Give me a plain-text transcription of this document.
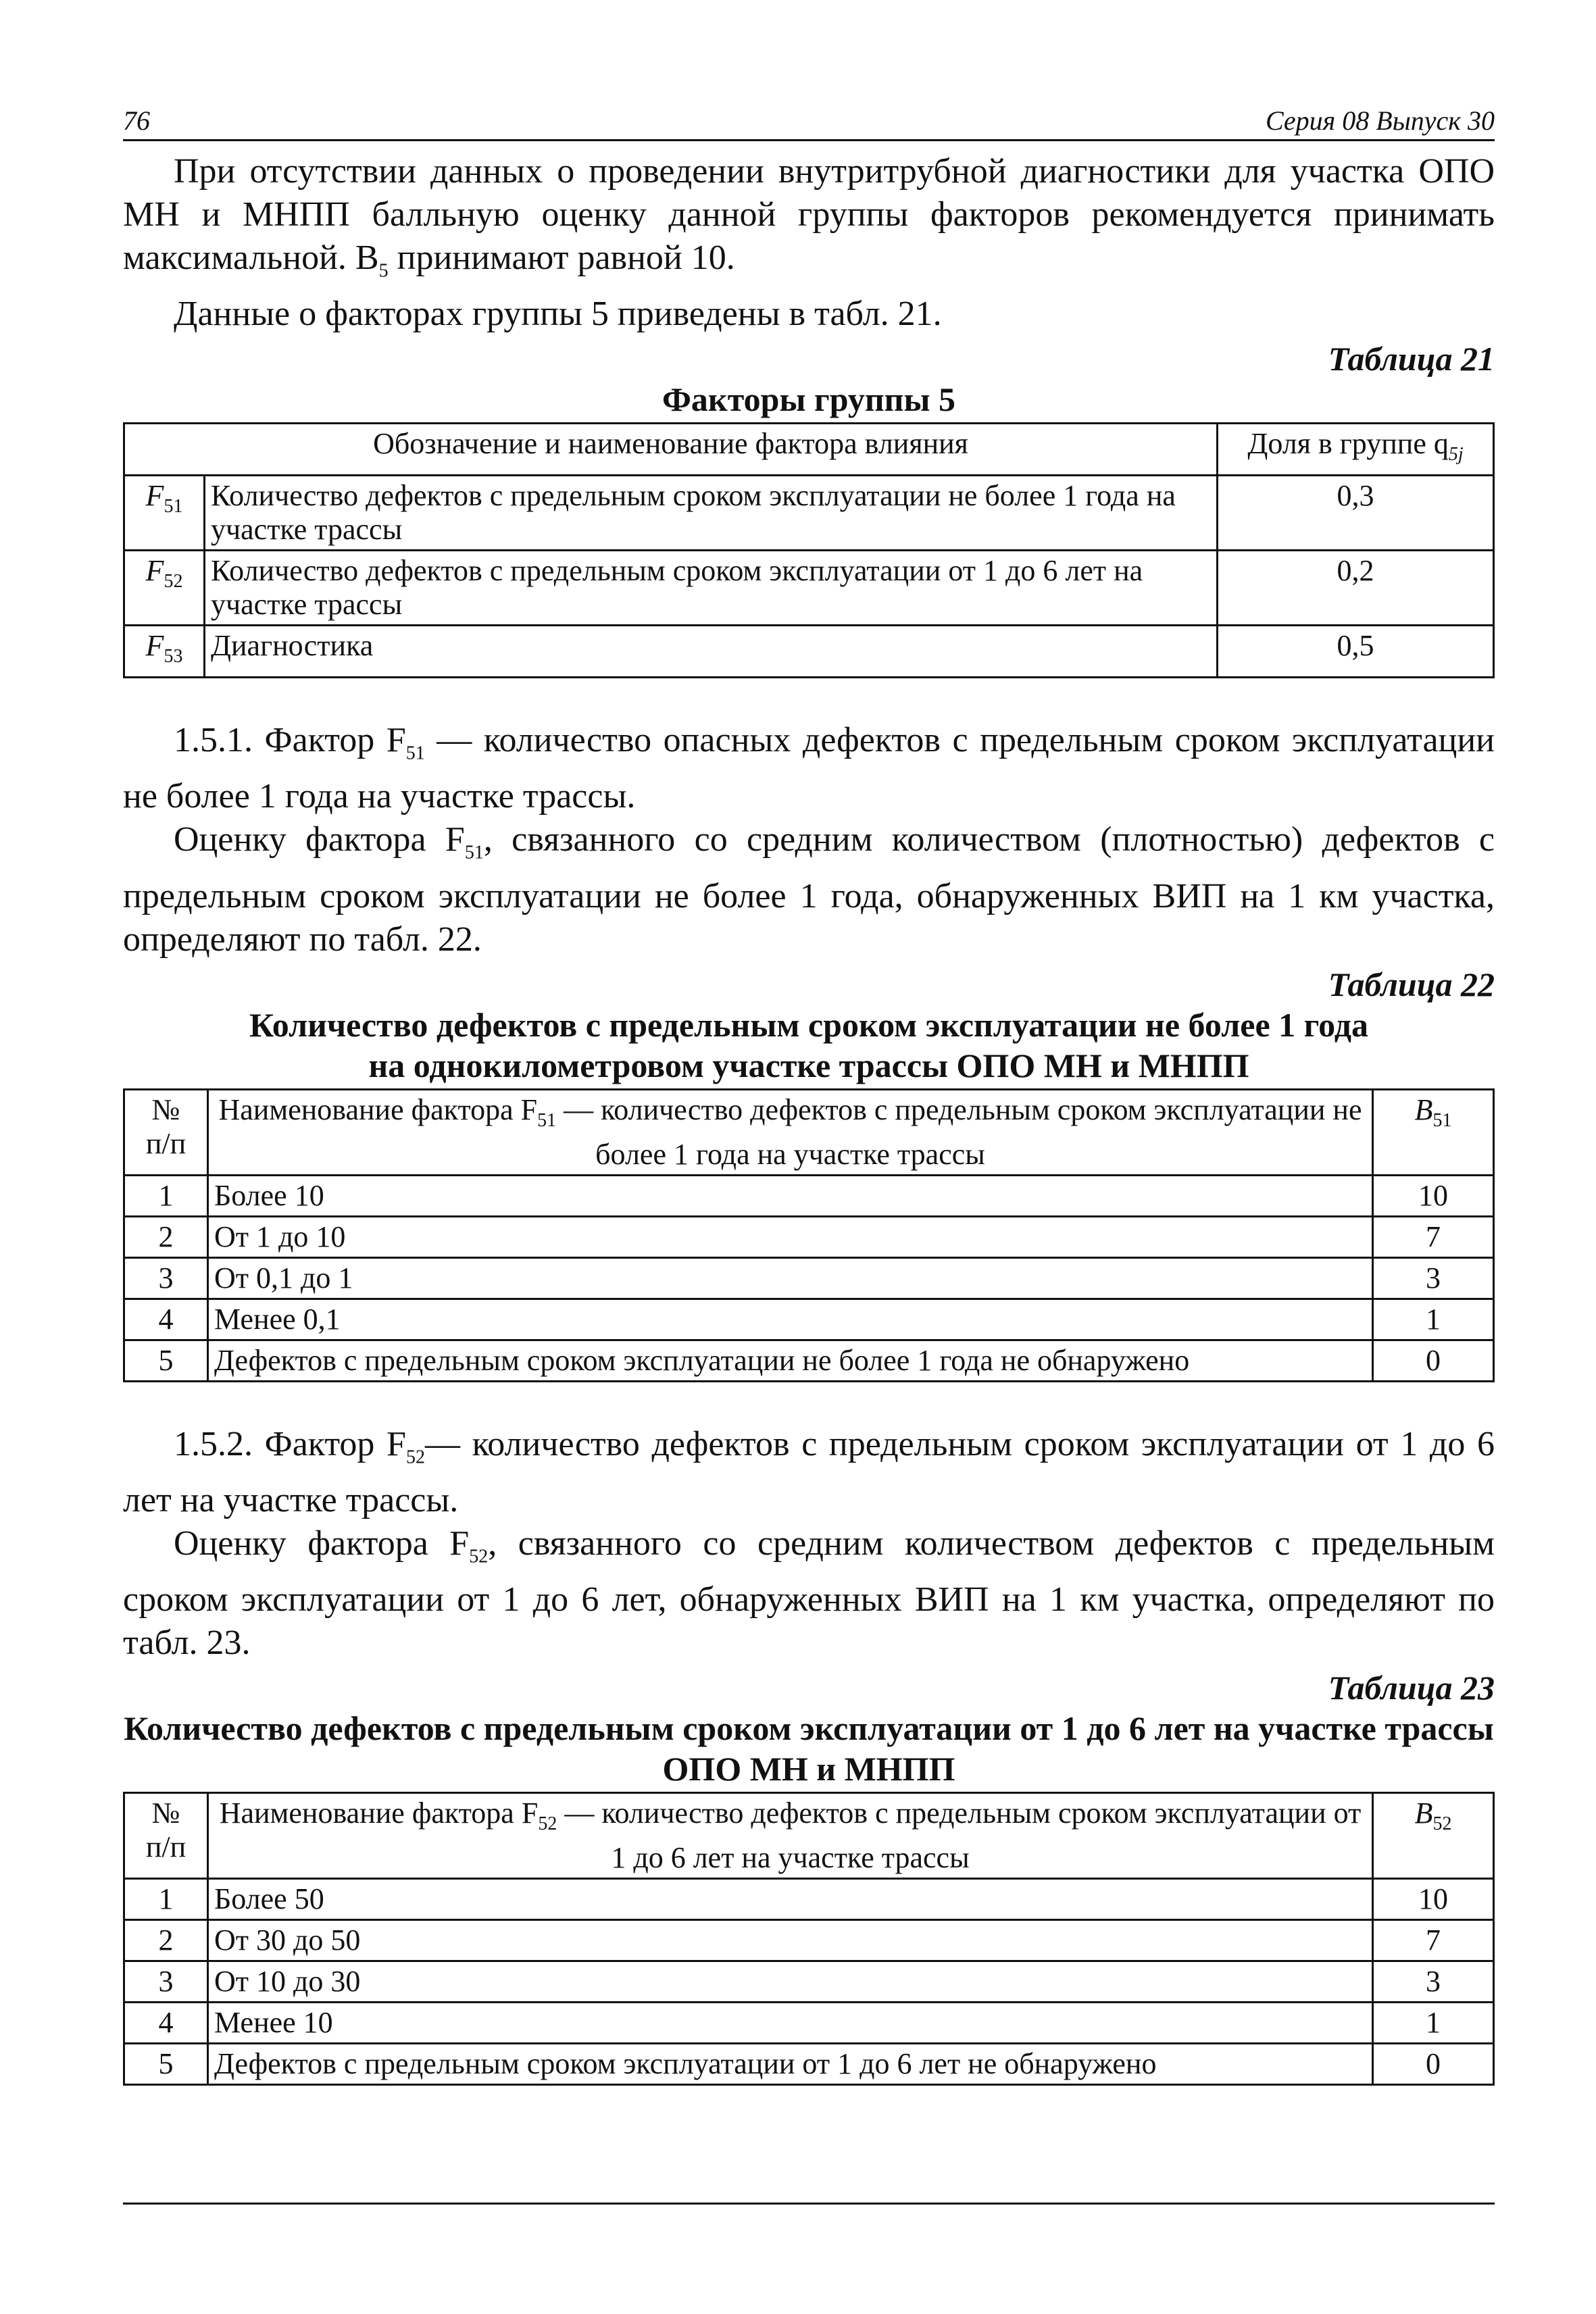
76	Серия 08 Выпуск 30

При отсутствии данных о проведении внутритрубной диагностики для участка ОПО МН и МНПП балльную оценку данной группы факторов рекомендуется принимать максимальной. $B_5$ принимают равной 10.

Данные о факторах группы 5 приведены в табл. 21.

Таблица 21
Факторы группы 5
Обозначение и наименование фактора влияния		Доля в группе $q_{5j}$
$F_{51}$	Количество дефектов с предельным сроком эксплуатации не более 1 года на участке трассы	0,3
$F_{52}$	Количество дефектов с предельным сроком эксплуатации от 1 до 6 лет на участке трассы	0,2
$F_{53}$	Диагностика	0,5

1.5.1. Фактор $F_{51}$ — количество опасных дефектов с предельным сроком эксплуатации не более 1 года на участке трассы.

Оценку фактора $F_{51}$, связанного со средним количеством (плотностью) дефектов с предельным сроком эксплуатации не более 1 года, обнаруженных ВИП на 1 км участка, определяют по табл. 22.

Таблица 22
Количество дефектов с предельным сроком эксплуатации не более 1 года
на однокилометровом участке трассы ОПО МН и МНПП
№
п/п	Наименование фактора $F_{51}$ — количество дефектов с предельным сроком эксплуатации не более 1 года на участке трассы	$B_{51}$
1	Более 10	10
2	От 1 до 10	7
3	От 0,1 до 1	3
4	Менее 0,1	1
5	Дефектов с предельным сроком эксплуатации не более 1 года не обнаружено	0

1.5.2. Фактор $F_{52}—$ количество дефектов с предельным сроком эксплуатации от 1 до 6 лет на участке трассы.

Оценку фактора $F_{52}$, связанного со средним количеством дефектов с предельным сроком эксплуатации от 1 до 6 лет, обнаруженных ВИП на 1 км участка, определяют по табл. 23.

Таблица 23
Количество дефектов с предельным сроком эксплуатации от 1 до 6 лет на участке трассы
ОПО МН и МНПП
№
п/п	Наименование фактора $F_{52}$ — количество дефектов с предельным сроком эксплуатации от 1 до 6 лет на участке трассы	$B_{52}$
1	Более 50	10
2	От 30 до 50	7
3	От 10 до 30	3
4	Менее 10	1
5	Дефектов с предельным сроком эксплуатации от 1 до 6 лет не обнаружено	0
